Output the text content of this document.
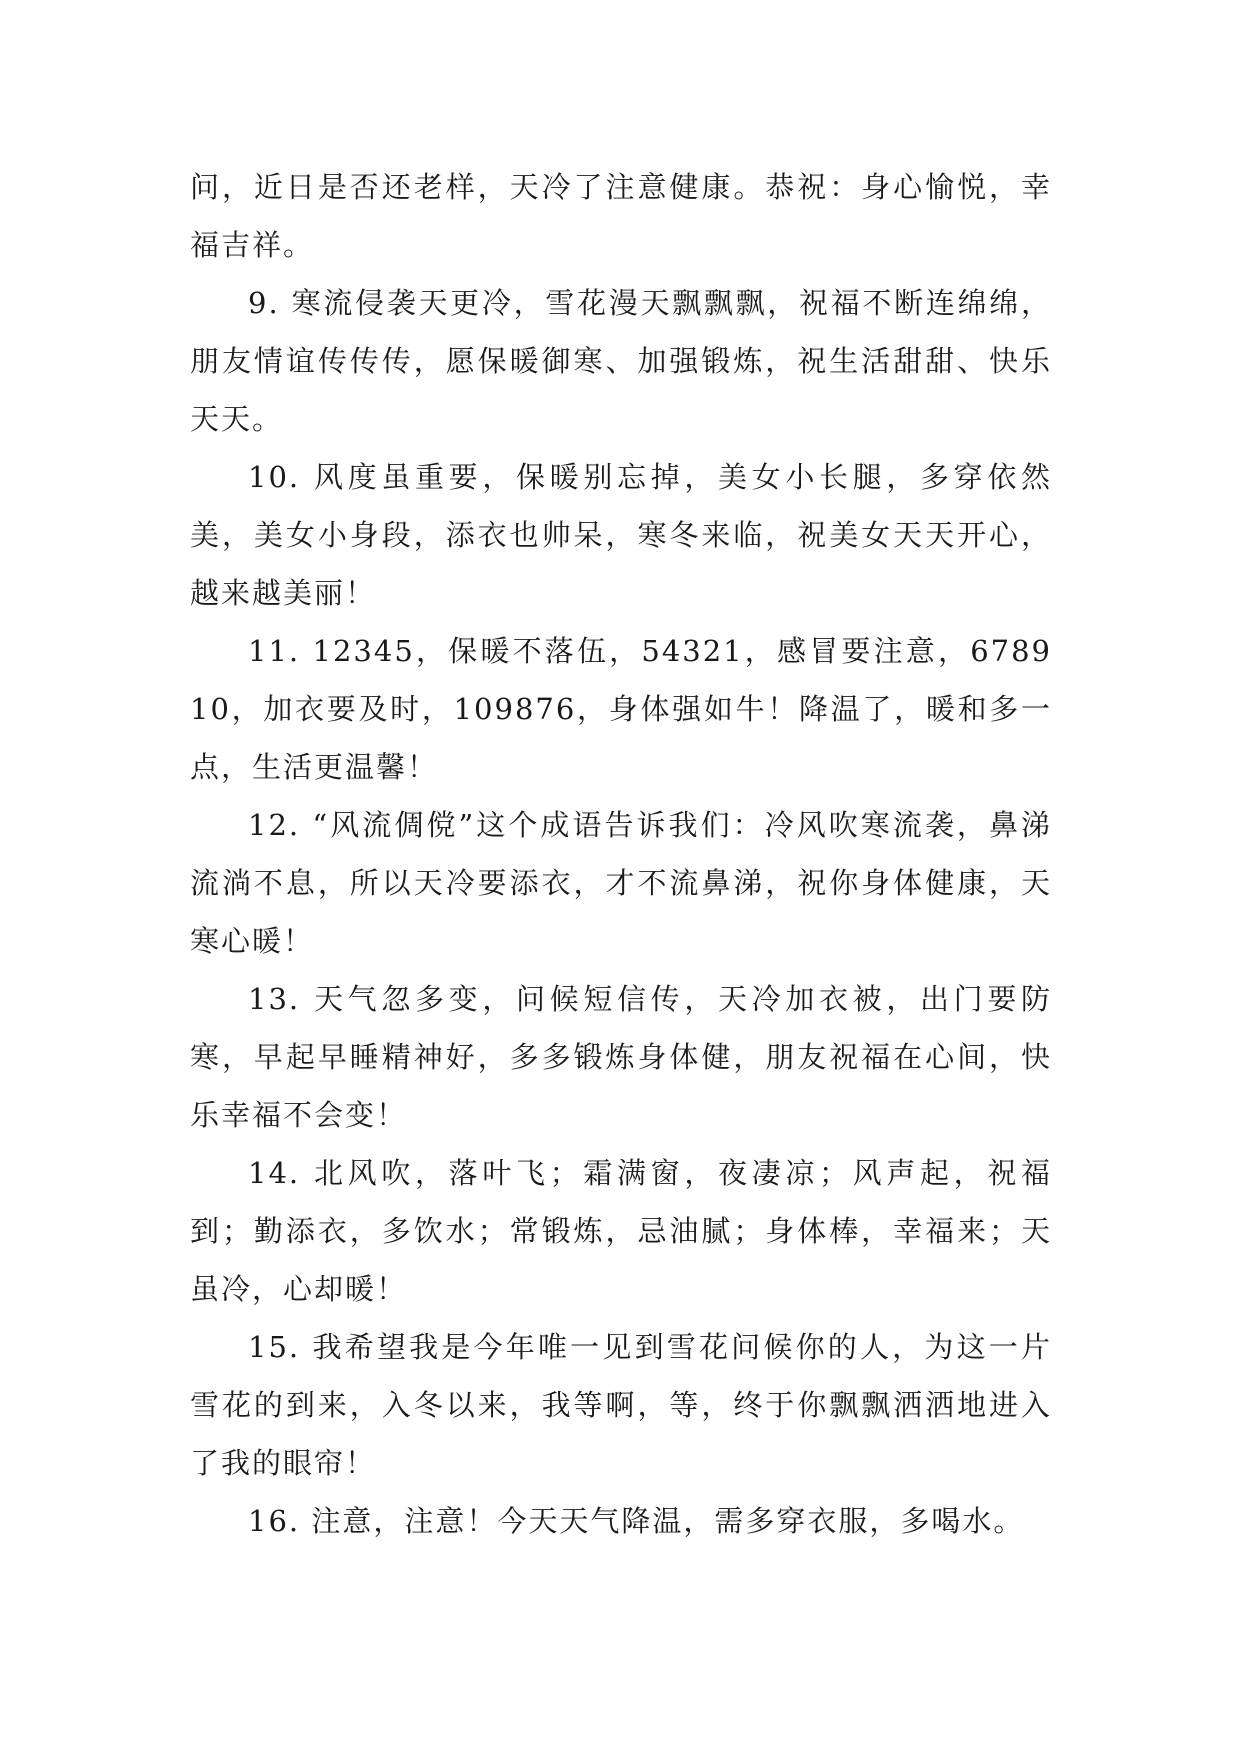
问，近日是否还老样，天冷了注意健康。恭祝：身心愉悦，幸福吉祥。

9. 寒流侵袭天更冷，雪花漫天飘飘飘，祝福不断连绵绵，朋友情谊传传传，愿保暖御寒、加强锻炼，祝生活甜甜、快乐天天。

10. 风度虽重要，保暖别忘掉，美女小长腿，多穿依然美，美女小身段，添衣也帅呆，寒冬来临，祝美女天天开心，越来越美丽！

11. 12345，保暖不落伍，54321，感冒要注意，678910，加衣要及时，109876，身体强如牛！降温了，暖和多一点，生活更温馨！

12. “风流倜傥”这个成语告诉我们：冷风吹寒流袭，鼻涕流淌不息，所以天冷要添衣，才不流鼻涕，祝你身体健康，天寒心暖！

13. 天气忽多变，问候短信传，天冷加衣被，出门要防寒，早起早睡精神好，多多锻炼身体健，朋友祝福在心间，快乐幸福不会变！

14. 北风吹，落叶飞；霜满窗，夜凄凉；风声起，祝福到；勤添衣，多饮水；常锻炼，忌油腻；身体棒，幸福来；天虽冷，心却暖！

15. 我希望我是今年唯一见到雪花问候你的人，为这一片雪花的到来，入冬以来，我等啊，等，终于你飘飘洒洒地进入了我的眼帘！

16. 注意，注意！今天天气降温，需多穿衣服，多喝水。
